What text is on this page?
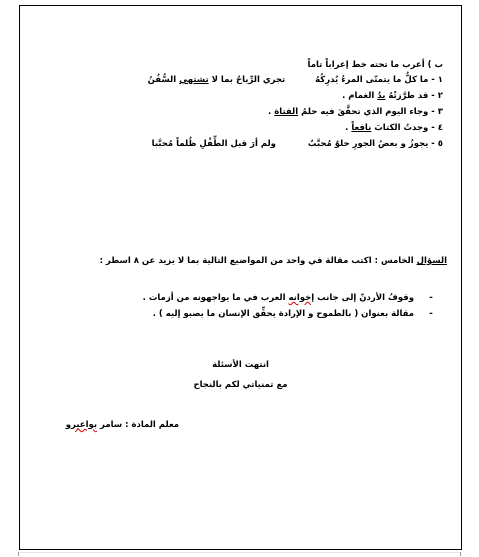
ب ) أعرب ما تحته خط إعراباً تاماً
١ - ما كلُّ ما يتمنّى المرءُ يُدرِكُهُ  تجري الرِّياحُ بما لا تشتهي السُّفُنُ
٢ - قد طرَّزتْهُ يدُ الغمام .
٣ - وجاء اليوم الذي تحقَّقَ فيه حلمُ الفتاة .
٤ - وجدتُ الكتابَ نافعاً .
٥ - يجوزُ و بعضُ الجورِ حلوٌ مُحبَّبٌ  ولم أرَ قبل الطِّفْلِ ظُلماً مُحبَّبا
السؤال الخامس : اكتب مقالة في واحد من المواضيع التالية بما لا يزيد عن ٨ اسطر :
- وقوفُ الأردنّ إلى جانب إخوانه العرب في ما يواجهونه من أزمات .
- مقالة بعنوان ( بالطموح و الإرادة يحقِّق الإنسان ما يصبو إليه ) .
انتهت الأسئلة
مع تمنياتي لكم بالنجاح
معلم المادة : سامر بواعيرو
